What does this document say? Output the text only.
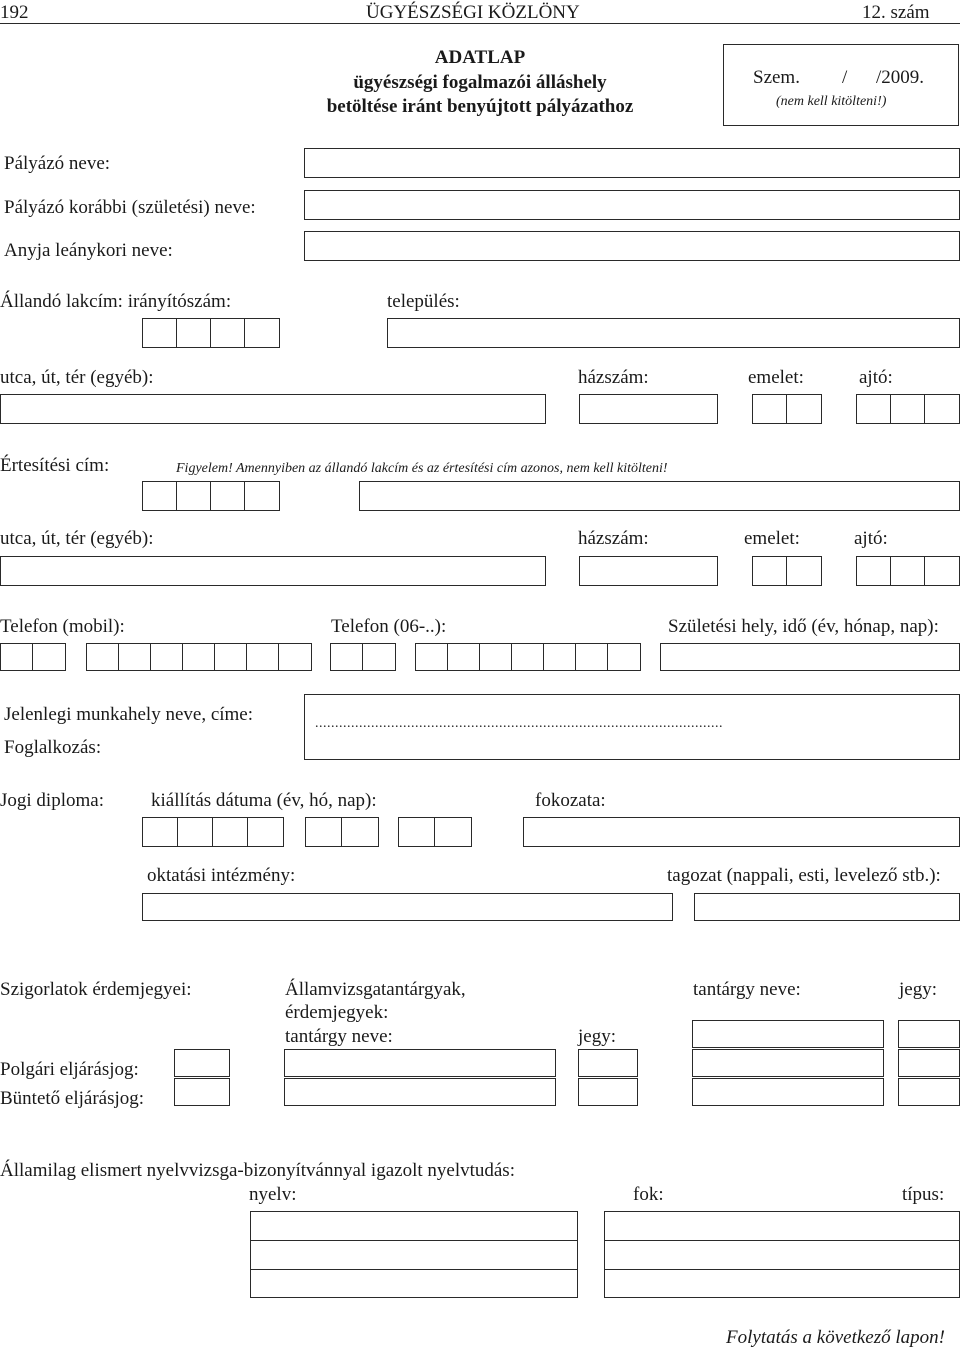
192	ÜGYÉSZSÉGI KÖZLÖNY	12. szám
ADATLAP
ügyészségi fogalmazói álláshely
betöltése iránt benyújtott pályázathoz
Szem. / /2009.
(nem kell kitölteni!)
Pályázó neve:
Pályázó korábbi (születési) neve:
Anyja leánykori neve:
Állandó lakcím: irányítószám:	település:
utca, út, tér (egyéb):	házszám:	emelet:	ajtó:
Értesítési cím:	Figyelem! Amennyiben az állandó lakcím és az értesítési cím azonos, nem kell kitölteni!
utca, út, tér (egyéb):	házszám:	emelet:	ajtó:
Telefon (mobil):	Telefon (06-..):	Születési hely, idő (év, hónap, nap):
Jelenlegi munkahely neve, címe:
Foglalkozás:
......................................................................................................
Jogi diploma: kiállítás dátuma (év, hó, nap):	fokozata:
oktatási intézmény:	tagozat (nappali, esti, levelező stb.):
Szigorlatok érdemjegyei:	Államvizsgatantárgyak,
érdemjegyek:
tantárgy neve:	jegy:
tantárgy neve:	jegy:
Polgári eljárásjog:
Büntető eljárásjog:
Államilag elismert nyelvvizsga-bizonyítvánnyal igazolt nyelvtudás:
nyelv:	fok:	típus:
Folytatás a következő lapon!
